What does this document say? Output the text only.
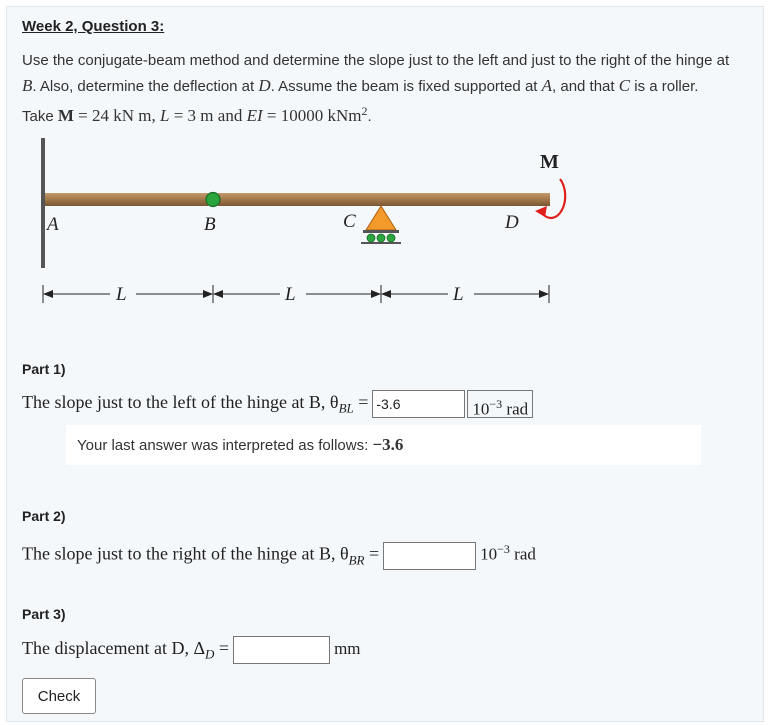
Week 2, Question 3:

Use the conjugate-beam method and determine the slope just to the left and just to the right of the hinge at B. Also, determine the deflection at D. Assume the beam is fixed supported at A, and that C is a roller.
Take M = 24 kN m, L = 3 m and EI = 10000 kNm$^2$.

A	B	C	D
M
L	L	L

Part 1)

The slope just to the left of the hinge at B, $\theta_{BL} = -3.6$	$10^{-3}$ rad
Your last answer was interpreted as follows: −3.6

Part 2)

The slope just to the right of the hinge at B, $\theta_{BR}$ =	$10^{-3}$ rad

Part 3)

The displacement at D, $\Delta_D$ =	mm
Check
